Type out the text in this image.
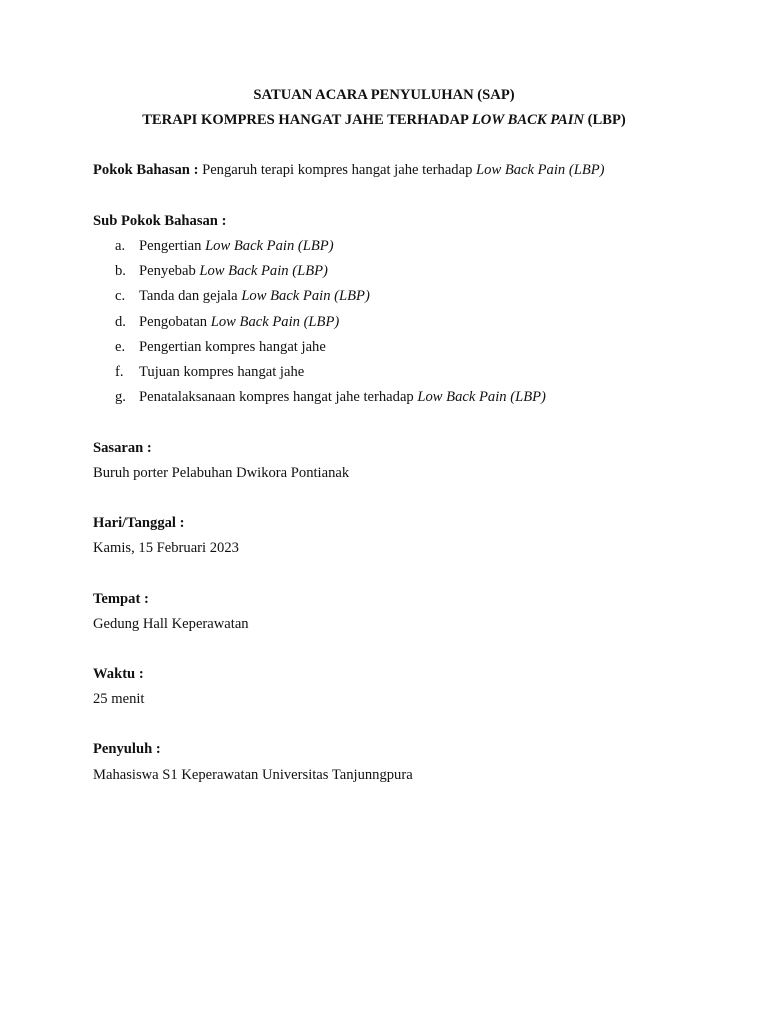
SATUAN ACARA PENYULUHAN (SAP)
TERAPI KOMPRES HANGAT JAHE TERHADAP LOW BACK PAIN (LBP)
Pokok Bahasan : Pengaruh terapi kompres hangat jahe terhadap Low Back Pain (LBP)
Sub Pokok Bahasan :
a. Pengertian Low Back Pain (LBP)
b. Penyebab Low Back Pain (LBP)
c. Tanda dan gejala Low Back Pain (LBP)
d. Pengobatan Low Back Pain (LBP)
e. Pengertian kompres hangat jahe
f. Tujuan kompres hangat jahe
g. Penatalaksanaan kompres hangat jahe terhadap Low Back Pain (LBP)
Sasaran :
Buruh porter Pelabuhan Dwikora Pontianak
Hari/Tanggal :
Kamis, 15 Februari 2023
Tempat :
Gedung Hall Keperawatan
Waktu :
25 menit
Penyuluh :
Mahasiswa S1 Keperawatan Universitas Tanjunngpura
